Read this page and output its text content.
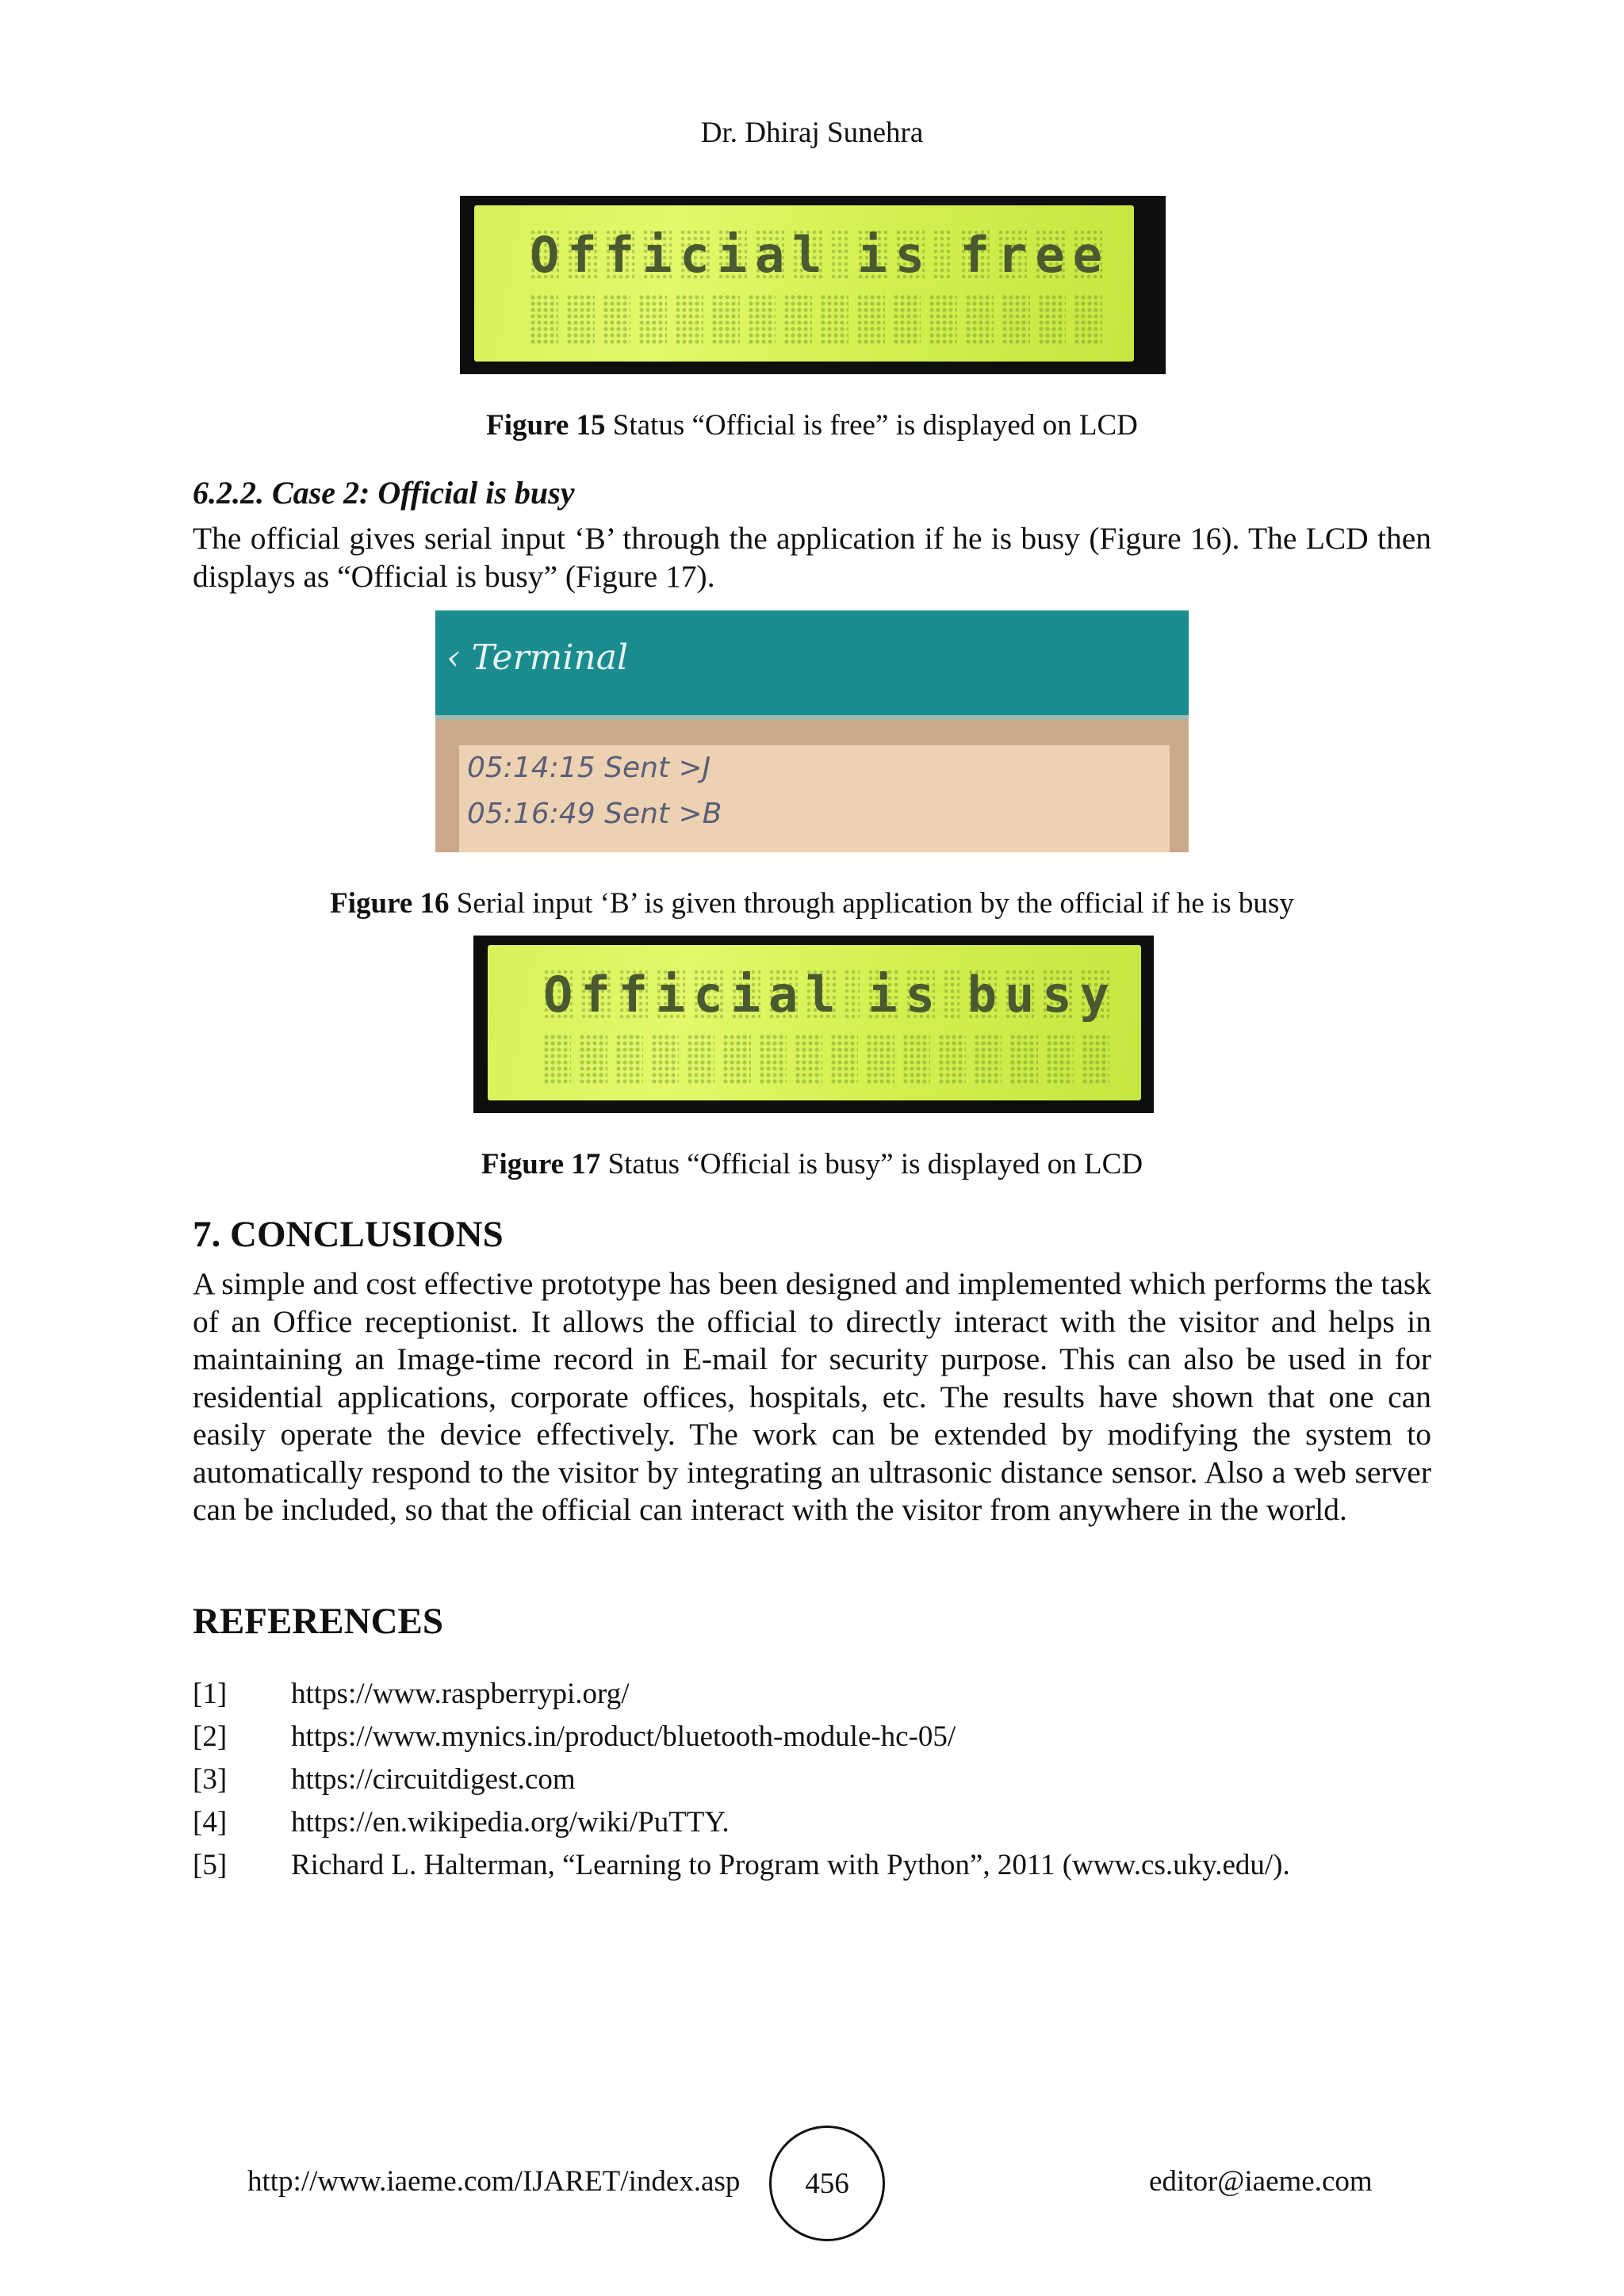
Dr. Dhiraj Sunehra
O f f i c i a l i s f r e e
Figure 15 Status “Official is free” is displayed on LCD
6.2.2. Case 2: Official is busy
The official gives serial input ‘B’ through the application if he is busy (Figure 16). The LCD then displays as “Official is busy” (Figure 17).
‹ Terminal
05:14:15 Sent >J
05:16:49 Sent >B
Figure 16 Serial input ‘B’ is given through application by the official if he is busy
O f f i c i a l i s b u s y
Figure 17 Status “Official is busy” is displayed on LCD
7. CONCLUSIONS
A simple and cost effective prototype has been designed and implemented which performs the task of an Office receptionist. It allows the official to directly interact with the visitor and helps in maintaining an Image-time record in E-mail for security purpose. This can also be used in for residential applications, corporate offices, hospitals, etc. The results have shown that one can easily operate the device effectively. The work can be extended by modifying the system to automatically respond to the visitor by integrating an ultrasonic distance sensor. Also a web server can be included, so that the official can interact with the visitor from anywhere in the world.
REFERENCES
[1]	https://www.raspberrypi.org/
[2]	https://www.mynics.in/product/bluetooth-module-hc-05/
[3]	https://circuitdigest.com
[4]	https://en.wikipedia.org/wiki/PuTTY.
[5]	Richard L. Halterman, “Learning to Program with Python”, 2011 (www.cs.uky.edu/).
http://www.iaeme.com/IJARET/index.asp	456	editor@iaeme.com
